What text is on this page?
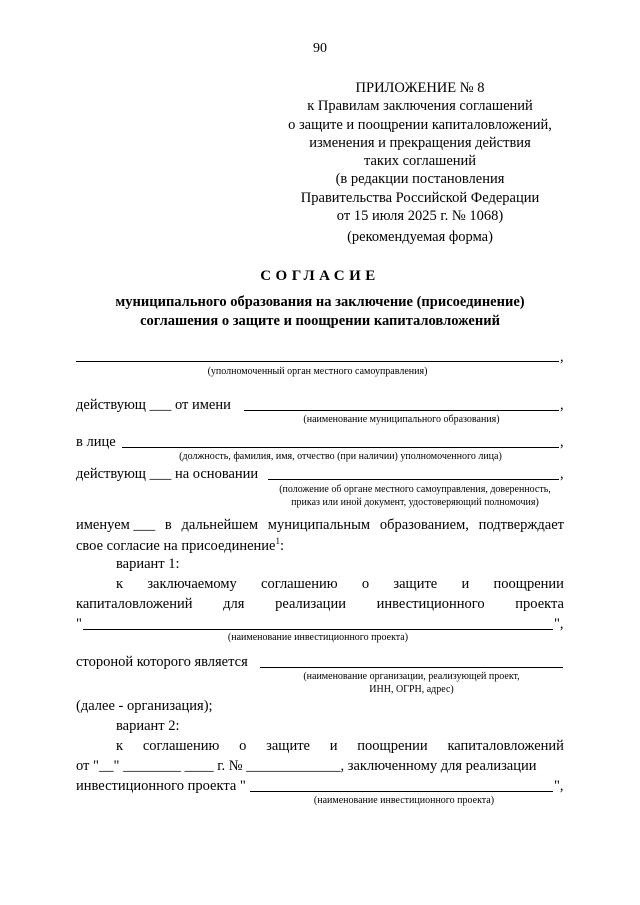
90
ПРИЛОЖЕНИЕ № 8
к Правилам заключения соглашений
о защите и поощрении капиталовложений,
изменения и прекращения действия
таких соглашений
(в редакции постановления
Правительства Российской Федерации
от 15 июля 2025 г. № 1068)
(рекомендуемая форма)
СОГЛАСИЕ
муниципального образования на заключение (присоединение)
соглашения о защите и поощрении капиталовложений
,
(уполномоченный орган местного самоуправления)
действующ ___ от имени	,
(наименование муниципального образования)
в лице	,
(должность, фамилия, имя, отчество (при наличии) уполномоченного лица)
действующ ___ на основании	,
(положение об органе местного самоуправления, доверенность,
приказ или иной документ, удостоверяющий полномочия)
именуем ___ в дальнейшем муниципальным образованием, подтверждает
свое согласие на присоединение$^1$:
вариант 1:
к заключаемому соглашению о защите и поощрении
капиталовложений для реализации инвестиционного проекта
"	",
(наименование инвестиционного проекта)
стороной которого является
(наименование организации, реализующей проект,
ИНН, ОГРН, адрес)
(далее - организация);
вариант 2:
к соглашению о защите и поощрении капиталовложений
от "__" ________ ____ г. № _____________, заключенному для реализации
инвестиционного проекта "	",
(наименование инвестиционного проекта)
